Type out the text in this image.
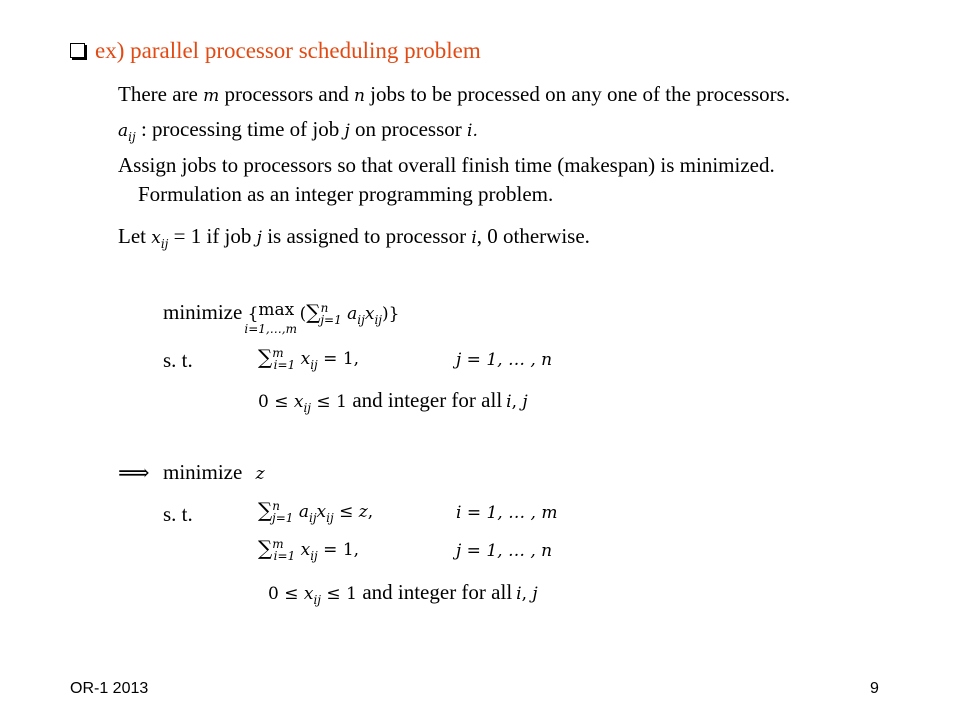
ex) parallel processor scheduling problem
There are m processors and n jobs to be processed on any one of the processors.
$a_{ij}$ : processing time of job j on processor i.
Assign jobs to processors so that overall finish time (makespan) is minimized.
Formulation as an integer programming problem.
Let $x_{ij} = 1$ if job j is assigned to processor i, 0 otherwise.
minimize {max
i=1,…,m
(∑$^n_{j=1}$ $a_{ij}x_{ij}$)}
s. t.	∑$^m_{i=1}$ $x_{ij} = 1$,	j = 1, … , n
$0 \le x_{ij} \le 1$ and integer for all i, j
⟹ minimize z
s. t.	∑$^n_{j=1}$ $a_{ij}x_{ij} \le z$,	i = 1, … , m
∑$^m_{i=1}$ $x_{ij} = 1$,	j = 1, … , n
$0 \le x_{ij} \le 1$ and integer for all i, j
OR-1 2013	9
